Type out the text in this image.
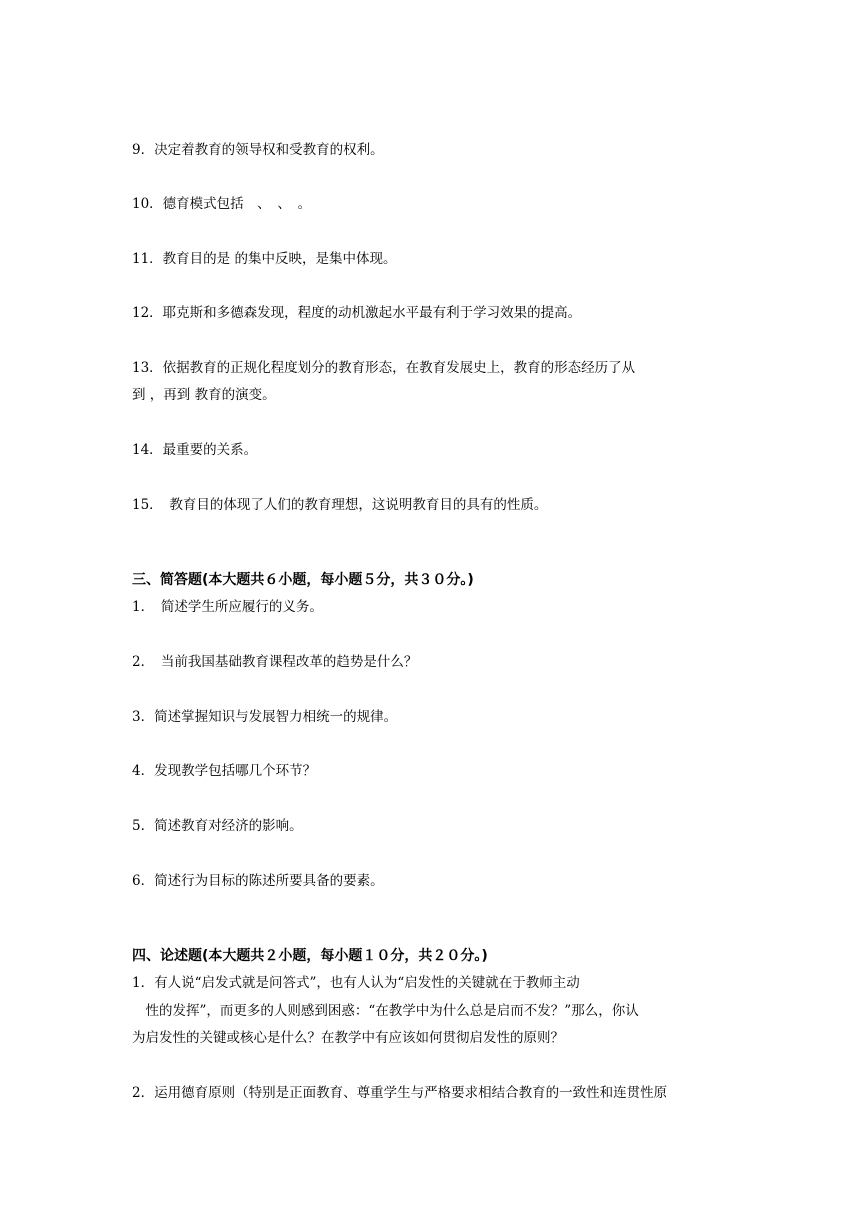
9．决定着教育的领导权和受教育的权利。
10．德育模式包括　、　、　。
11．教育目的是 的集中反映，是集中体现。
12．耶克斯和多德森发现，程度的动机激起水平最有利于学习效果的提高。
13．依据教育的正规化程度划分的教育形态，在教育发展史上，教育的形态经历了从
到 ，再到 教育的演变。
14．最重要的关系。
15．　教育目的体现了人们的教育理想，这说明教育目的具有的性质。
三、简答题(本大题共６小题，每小题５分，共３０分。)
1．　简述学生所应履行的义务。
2．　当前我国基础教育课程改革的趋势是什么？
3．简述掌握知识与发展智力相统一的规律。
4．发现教学包括哪几个环节？
5．简述教育对经济的影响。
6．简述行为目标的陈述所要具备的要素。
四、论述题(本大题共２小题，每小题１０分，共２０分。)
1．有人说“启发式就是问答式”，也有人认为“启发性的关键就在于教师主动
　性的发挥”，而更多的人则感到困惑：“在教学中为什么总是启而不发？”那么，你认
为启发性的关键或核心是什么？在教学中有应该如何贯彻启发性的原则？
2．运用德育原则（特别是正面教育、尊重学生与严格要求相结合教育的一致性和连贯性原
